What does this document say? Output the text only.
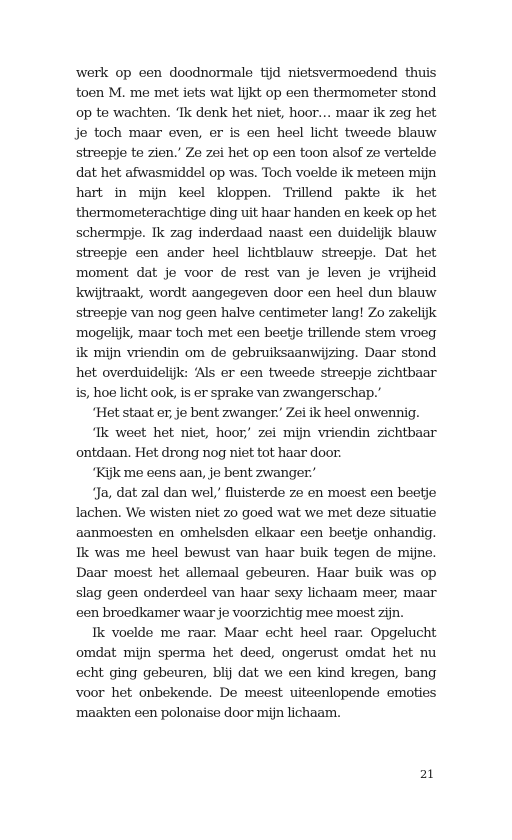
werk op een doodnormale tijd nietsvermoedend thuis toen M. me met iets wat lijkt op een thermometer stond op te wachten. ‘Ik denk het niet, hoor… maar ik zeg het je toch maar even, er is een heel licht tweede blauw streepje te zien.’ Ze zei het op een toon alsof ze vertelde dat het afwasmiddel op was. Toch voelde ik meteen mijn hart in mijn keel kloppen. Trillend pakte ik het thermometerachtige ding uit haar handen en keek op het schermpje. Ik zag inderdaad naast een duidelijk blauw streepje een ander heel lichtblauw streepje. Dat het moment dat je voor de rest van je leven je vrijheid kwijtraakt, wordt aangegeven door een heel dun blauw streepje van nog geen halve centimeter lang! Zo zakelijk mogelijk, maar toch met een beetje trillende stem vroeg ik mijn vriendin om de gebruiksaanwijzing. Daar stond het overduidelijk: ‘Als er een tweede streepje zichtbaar is, hoe licht ook, is er sprake van zwangerschap.’

‘Het staat er, je bent zwanger.’ Zei ik heel onwennig.

‘Ik weet het niet, hoor,’ zei mijn vriendin zichtbaar ontdaan. Het drong nog niet tot haar door.

‘Kijk me eens aan, je bent zwanger.’

‘Ja, dat zal dan wel,’ fluisterde ze en moest een beetje lachen. We wisten niet zo goed wat we met deze situatie aanmoesten en omhelsden elkaar een beetje onhandig. Ik was me heel bewust van haar buik tegen de mijne. Daar moest het allemaal gebeuren. Haar buik was op slag geen onderdeel van haar sexy lichaam meer, maar een broedkamer waar je voorzichtig mee moest zijn.

Ik voelde me raar. Maar echt heel raar. Opgelucht omdat mijn sperma het deed, ongerust omdat het nu echt ging gebeuren, blij dat we een kind kregen, bang voor het onbekende. De meest uiteenlopende emoties maakten een polonaise door mijn lichaam.

21
